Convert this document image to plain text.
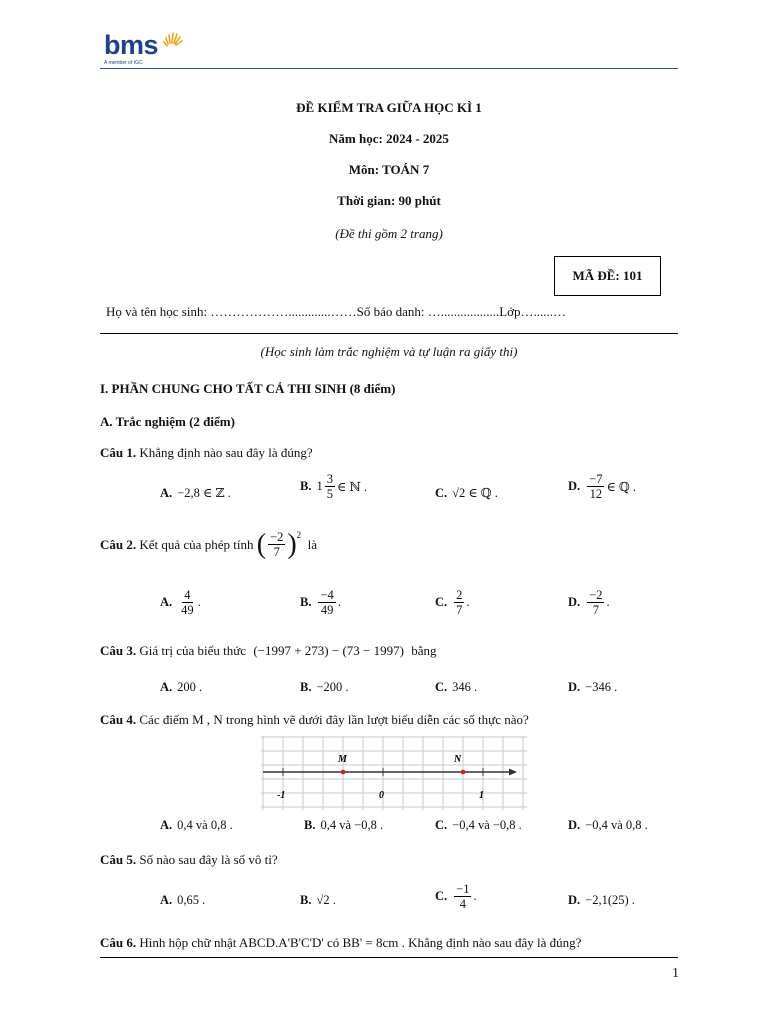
bms
A member of IGC
ĐỀ KIỂM TRA GIỮA HỌC KÌ 1
Năm học: 2024 - 2025
Môn: TOÁN 7
Thời gian: 90 phút
(Đề thi gồm 2 trang)
MÃ ĐỀ: 101
Họ và tên học sinh: ……………….............……Số báo danh: …..................Lớp…......…
(Học sinh làm trắc nghiệm và tự luận ra giấy thi)
I. PHẦN CHUNG CHO TẤT CẢ THI SINH (8 điểm)
A. Trắc nghiệm (2 điểm)
Câu 1. Khẳng định nào sau đây là đúng?
A. −2,8 ∈ ℤ .	B. $1 \frac{3}{5}$ ∈ ℕ .	C. √2 ∈ ℚ .	D. $\frac{-7}{12}$ ∈ ℚ .
Câu 2.
Kết quả của phép tính
( $\frac{-2}{7} )^2$

là
A. $\frac{4}{49}$ .	B. $\frac{-4}{49}$ .	C. $\frac{2}{7}$ .	D. $\frac{-2}{7}$ .
Câu 3. Giá trị của biểu thức (−1997 + 273) − (73 − 1997) bằng
A. 200 .	B. −200 .	C. 346 .	D. −346 .
Câu 4. Các điểm M , N trong hình vẽ dưới đây lần lượt biểu diễn các số thực nào?
M	N
-1	0	1
A. 0,4 và 0,8 .	B. 0,4 và −0,8 .	C. −0,4 và −0,8 .	D. −0,4 và 0,8 .
Câu 5. Số nào sau đây là số vô tỉ?
A. 0,65 .	B. √2 .	C. $\frac{-1}{4}$ .	D. −2,1(25) .
Câu 6. Hình hộp chữ nhật ABCD.A'B'C'D' có BB' = 8cm . Khẳng định nào sau đây là đúng?
1
